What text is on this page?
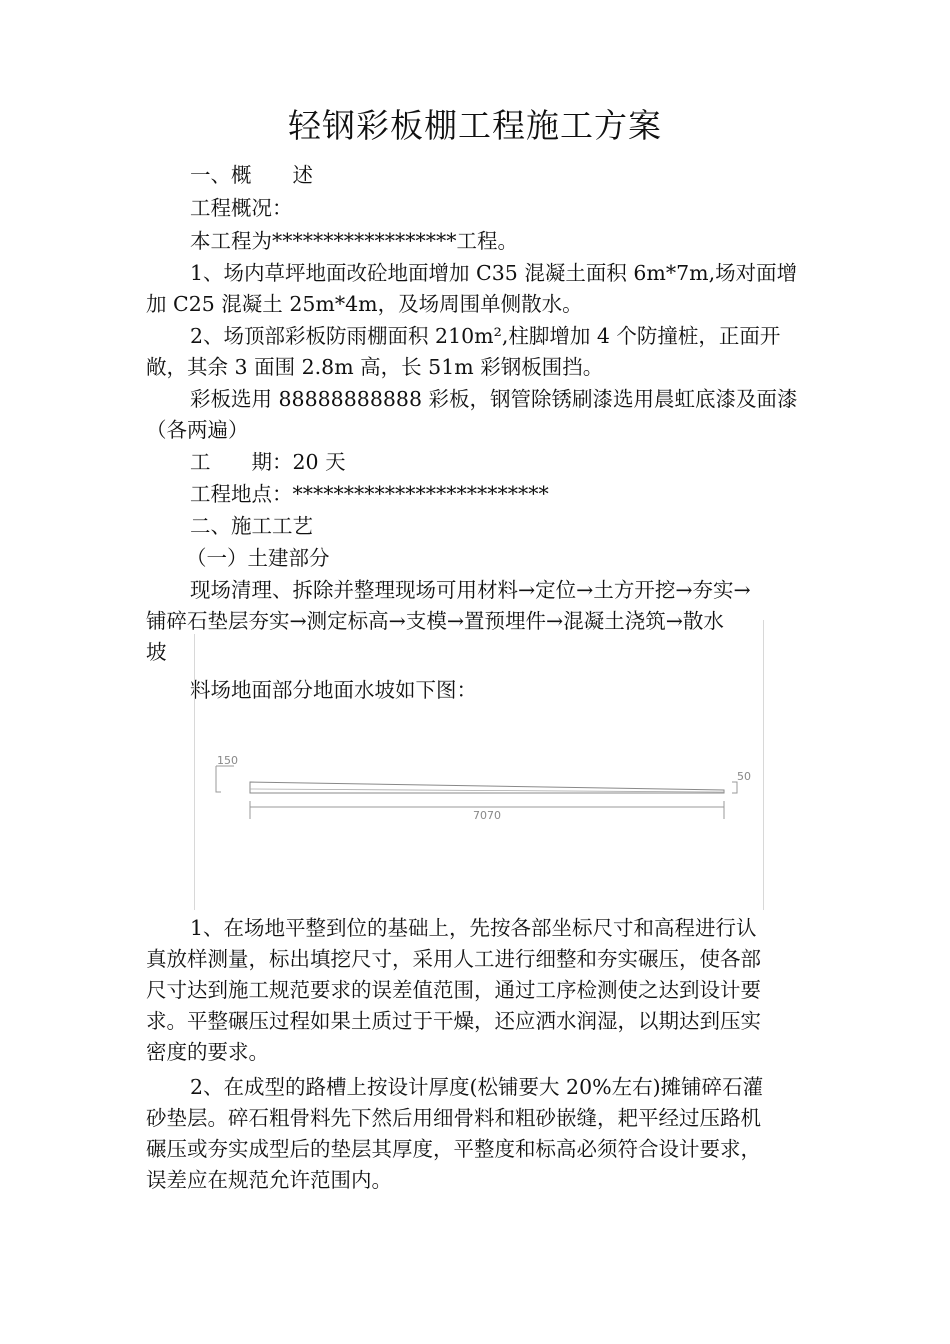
轻钢彩板棚工程施工方案
一、概　　述
工程概况：
本工程为******************工程。
1、场内草坪地面改砼地面增加 C35 混凝土面积 6m*7m,场对面增
加 C25 混凝土 25m*4m，及场周围单侧散水。
2、场顶部彩板防雨棚面积 210m²,柱脚增加 4 个防撞桩，正面开
敞，其余 3 面围 2.8m 高，长 51m 彩钢板围挡。
彩板选用 88888888888 彩板，钢管除锈刷漆选用晨虹底漆及面漆
（各两遍）
工　　期：20 天
工程地点：*************************
二、施工工艺
（一）土建部分
现场清理、拆除并整理现场可用材料→定位→土方开挖→夯实→
铺碎石垫层夯实→测定标高→支模→置预埋件→混凝土浇筑→散水
坡
料场地面部分地面水坡如下图：
150
50
7070
1、在场地平整到位的基础上，先按各部坐标尺寸和高程进行认
真放样测量，标出填挖尺寸，采用人工进行细整和夯实碾压，使各部
尺寸达到施工规范要求的误差值范围，通过工序检测使之达到设计要
求。平整碾压过程如果土质过于干燥，还应洒水润湿，以期达到压实
密度的要求。
2、在成型的路槽上按设计厚度(松铺要大 20%左右)摊铺碎石灌
砂垫层。碎石粗骨料先下然后用细骨料和粗砂嵌缝，耙平经过压路机
碾压或夯实成型后的垫层其厚度，平整度和标高必须符合设计要求，
误差应在规范允许范围内。
